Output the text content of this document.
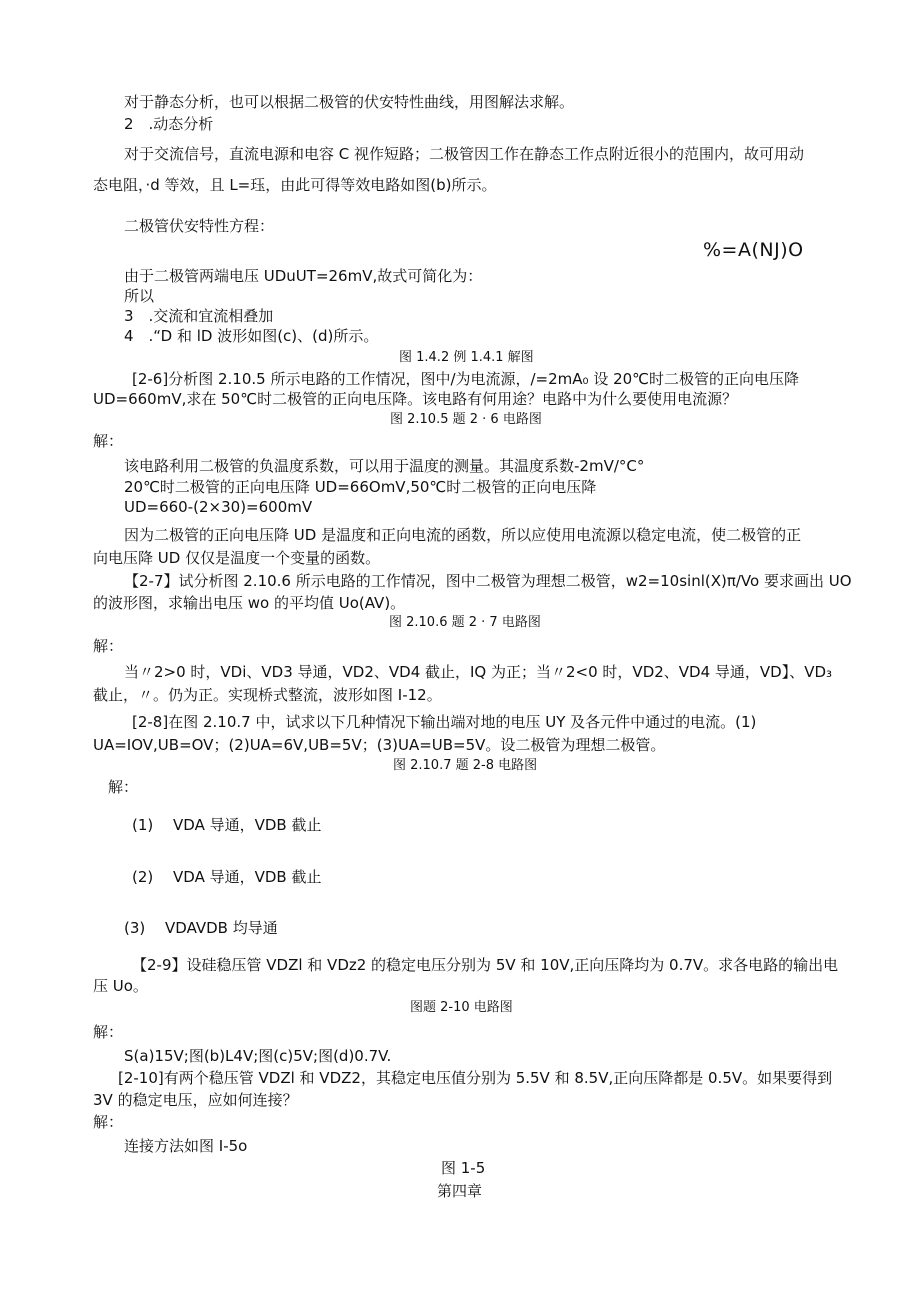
对于静态分析，也可以根据二极管的伏安特性曲线，用图解法求解。
2　.动态分析
对于交流信号，直流电源和电容 C 视作短路；二极管因工作在静态工作点附近很小的范围内，故可用动
态电阻，·d 等效，且 L=珏，由此可得等效电路如图(b)所示。
二极管伏安特性方程：
%=A(NJ)O
由于二极管两端电压 UDuUT=26mV,故式可简化为：
所以
3　.交流和宜流相叠加
4　.“D 和 lD 波形如图(c)、(d)所示。
图 1.4.2 例 1.4.1 解图
[2-6]分析图 2.10.5 所示电路的工作情况，图中/为电流源，/=2mA₀ 设 20℃时二极管的正向电压降
UD=660mV,求在 50℃时二极管的正向电压降。该电路有何用途？电路中为什么要使用电流源？
图 2.10.5 题 2 · 6 电路图
解：
该电路利用二极管的负温度系数，可以用于温度的测量。其温度系数-2mV/°C°
20℃时二极管的正向电压降 UD=66OmV,50℃时二极管的正向电压降
UD=660-(2×30)=600mV
因为二极管的正向电压降 UD 是温度和正向电流的函数，所以应使用电流源以稳定电流，使二极管的正
向电压降 UD 仅仅是温度一个变量的函数。
【2-7】试分析图 2.10.6 所示电路的工作情况，图中二极管为理想二极管，w2=10sinl(X)π/Vo 要求画出 UO
的波形图，求输出电压 wo 的平均值 Uo(AV)。
图 2.10.6 题 2 · 7 电路图
解：
当〃2>0 时，VDi、VD3 导通，VD2、VD4 截止，IQ 为正；当〃2<0 时，VD2、VD4 导通，VD】、VD₃
截止，〃。仍为正。实现桥式整流，波形如图 I-12。
[2-8]在图 2.10.7 中，试求以下几种情况下输出端对地的电压 UY 及各元件中通过的电流。(1)
UA=IOV,UB=OV；(2)UA=6V,UB=5V；(3)UA=UB=5V。设二极管为理想二极管。
图 2.10.7 题 2-8 电路图
解：
(1)　 VDA 导通，VDB 截止
(2)　 VDA 导通，VDB 截止
(3)　 VDAVDB 均导通
【2-9】设硅稳压管 VDZl 和 VDz2 的稳定电压分别为 5V 和 10V,正向压降均为 0.7V。求各电路的输出电
压 Uo。
图题 2-10 电路图
解：
S(a)15V;图(b)L4V;图(c)5V;图(d)0.7V.
[2-10]有两个稳压管 VDZl 和 VDZ2，其稳定电压值分别为 5.5V 和 8.5V,正向压降都是 0.5V。如果要得到
3V 的稳定电压，应如何连接？
解：
连接方法如图 I-5o
图 1-5
第四章
